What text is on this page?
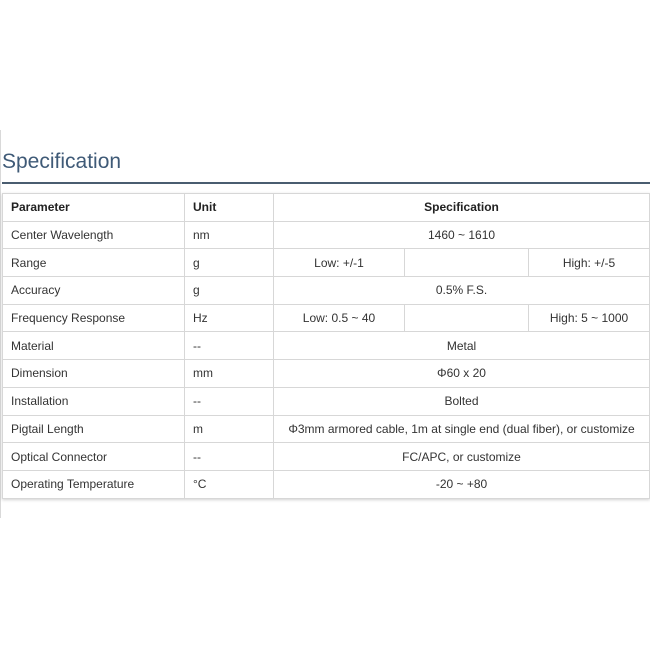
Specification
Parameter	Unit	Specification		
Center Wavelength	nm	1460 ~ 1610		
Range	g	Low: +/-1		High: +/-5
Accuracy	g	0.5% F.S.		
Frequency Response	Hz	Low: 0.5 ~ 40		High: 5 ~ 1000
Material	--	Metal		
Dimension	mm	Φ60 x 20		
Installation	--	Bolted		
Pigtail Length	m	Φ3mm armored cable, 1m at single end (dual fiber), or customize		
Optical Connector	--	FC/APC, or customize		
Operating Temperature	°C	-20 ~ +80		
